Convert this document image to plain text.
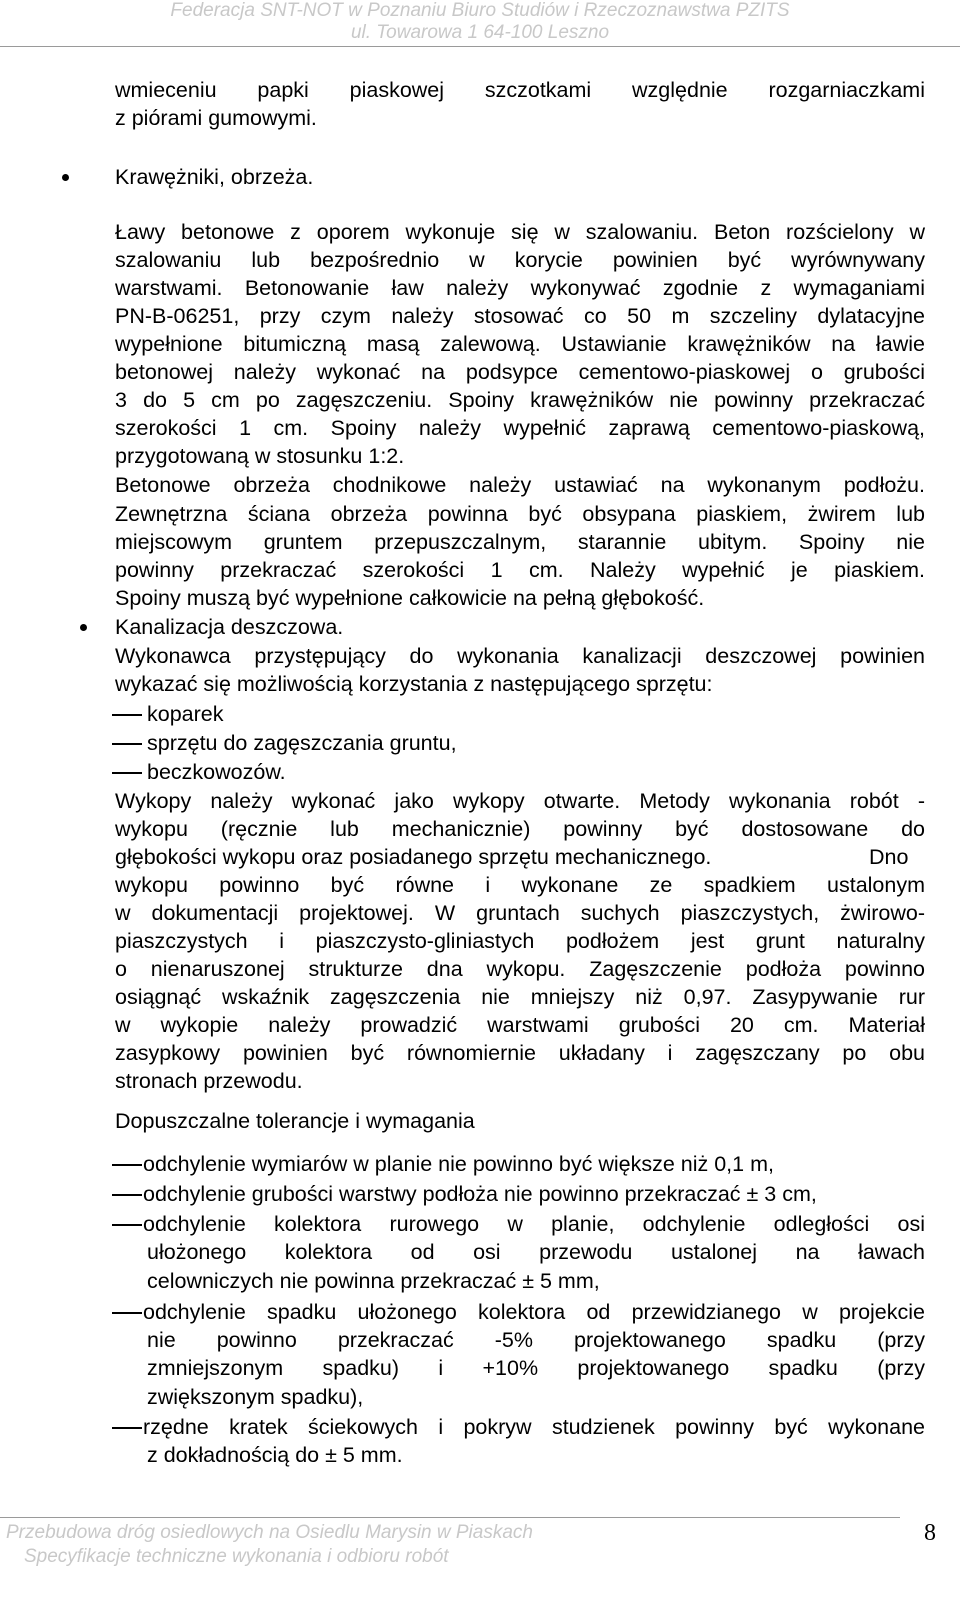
Federacja SNT-NOT w Poznaniu Biuro Studiów i Rzeczoznawstwa PZITS
ul. Towarowa 1 64-100 Leszno
wmieceniu papki piaskowej szczotkami względnie rozgarniaczkami
z piórami gumowymi.
Krawężniki, obrzeża.
Ławy betonowe z oporem wykonuje się w szalowaniu. Beton rozścielony w
szalowaniu lub bezpośrednio w korycie powinien być wyrównywany
warstwami. Betonowanie ław należy wykonywać zgodnie z wymaganiami
PN-B-06251, przy czym należy stosować co 50 m szczeliny dylatacyjne
wypełnione bitumiczną masą zalewową. Ustawianie krawężników na ławie
betonowej należy wykonać na podsypce cementowo-piaskowej o grubości
3 do 5 cm po zagęszczeniu. Spoiny krawężników nie powinny przekraczać
szerokości 1 cm. Spoiny należy wypełnić zaprawą cementowo-piaskową,
przygotowaną w stosunku 1:2.
Betonowe obrzeża chodnikowe należy ustawiać na wykonanym podłożu.
Zewnętrzna ściana obrzeża powinna być obsypana piaskiem, żwirem lub
miejscowym gruntem przepuszczalnym, starannie ubitym. Spoiny nie
powinny przekraczać szerokości 1 cm. Należy wypełnić je piaskiem.
Spoiny muszą być wypełnione całkowicie na pełną głębokość.
Kanalizacja deszczowa.
Wykonawca przystępujący do wykonania kanalizacji deszczowej powinien
wykazać się możliwością korzystania z następującego sprzętu:
koparek
sprzętu do zagęszczania gruntu,
beczkowozów.
Wykopy należy wykonać jako wykopy otwarte. Metody wykonania robót -
wykopu (ręcznie lub mechanicznie) powinny być dostosowane do
głębokości wykopu oraz posiadanego sprzętu mechanicznego.	Dno
wykopu powinno być równe i wykonane ze spadkiem ustalonym
w dokumentacji projektowej. W gruntach suchych piaszczystych, żwirowo-
piaszczystych i piaszczysto-gliniastych podłożem jest grunt naturalny
o nienaruszonej strukturze dna wykopu. Zagęszczenie podłoża powinno
osiągnąć wskaźnik zagęszczenia nie mniejszy niż 0,97. Zasypywanie rur
w wykopie należy prowadzić warstwami grubości 20 cm. Materiał
zasypkowy powinien być równomiernie układany i zagęszczany po obu
stronach przewodu.
Dopuszczalne tolerancje i wymagania
odchylenie wymiarów w planie nie powinno być większe niż 0,1 m,
odchylenie grubości warstwy podłoża nie powinno przekraczać ± 3 cm,
odchylenie kolektora rurowego w planie, odchylenie odległości osi
ułożonego kolektora od osi przewodu ustalonej na ławach
celowniczych nie powinna przekraczać ± 5 mm,
odchylenie spadku ułożonego kolektora od przewidzianego w projekcie
nie powinno przekraczać -5% projektowanego spadku (przy
zmniejszonym spadku) i +10% projektowanego spadku (przy
zwiększonym spadku),
rzędne kratek ściekowych i pokryw studzienek powinny być wykonane
z dokładnością do ± 5 mm.
Przebudowa dróg osiedlowych na Osiedlu Marysin w Piaskach
Specyfikacje techniczne wykonania i odbioru robót
8
